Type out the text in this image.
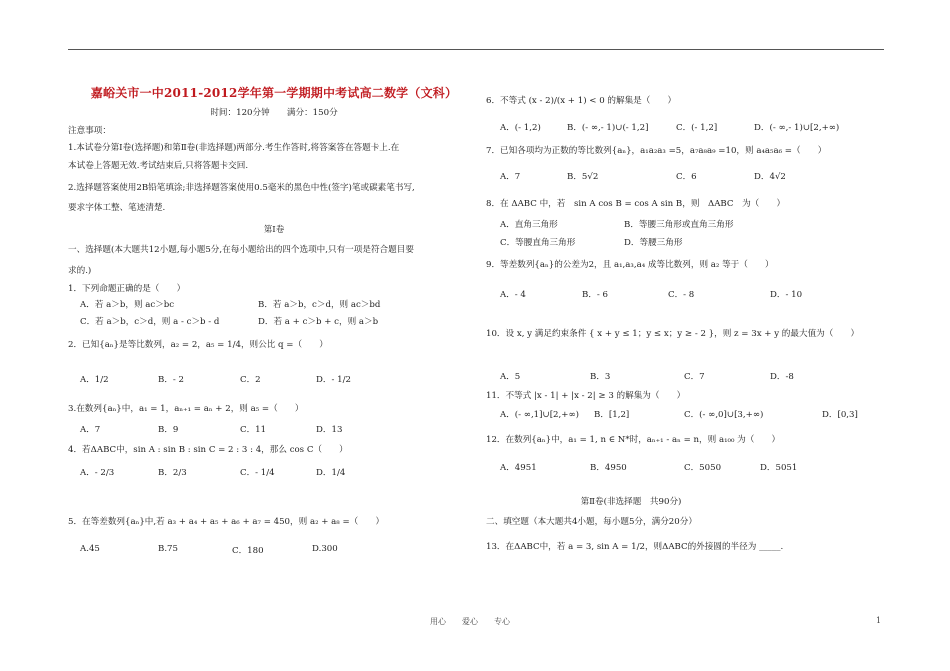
嘉峪关市一中2011-2012学年第一学期期中考试高二数学（文科）
时间：120分钟　　满分：150分
注意事项：
1.本试卷分第Ⅰ卷(选择题)和第Ⅱ卷(非选择题)两部分.考生作答时,将答案答在答题卡上.在
本试卷上答题无效.考试结束后,只将答题卡交回.
2.选择题答案使用2B铅笔填涂;非选择题答案使用0.5毫米的黑色中性(签字)笔或碳素笔书写,
要求字体工整、笔迹清楚.
第Ⅰ卷
一、选择题(本大题共12小题,每小题5分,在每小题给出的四个选项中,只有一项是符合题目要
求的.)
1．下列命题正确的是（　　）
A．若 a＞b，则 ac＞bc	B．若 a＞b，c＞d，则 ac＞bd
C．若 a＞b，c＞d，则 a - c＞b - d	D．若 a + c＞b + c，则 a＞b
2．已知{aₙ}是等比数列，a₂ = 2，a₅ = 1/4，则公比 q =（　　）
A．1/2	B．- 2	C．2	D．- 1/2
3.在数列{aₙ}中，a₁ = 1，aₙ₊₁ = aₙ + 2，则 a₅ =（　　）
A．7	B．9	C．11	D．13
4．若ΔABC中，sin A : sin B : sin C = 2 : 3 : 4，那么 cos C（　　）
A．- 2/3	B．2/3	C．- 1/4	D．1/4
5．在等差数列{aₙ}中,若 a₃ + a₄ + a₅ + a₆ + a₇ = 450，则 a₂ + a₈ =（　　）
A.45	B.75	C．180	D.300
6．不等式 (x - 2)/(x + 1) < 0 的解集是（　　）
A．(- 1,2)	B．(- ∞,- 1)∪(- 1,2]	C．(- 1,2]	D．(- ∞,- 1)∪[2,+∞)
7．已知各项均为正数的等比数列{aₙ}，a₁a₂a₃ =5，a₇a₈a₉ =10，则 a₄a₅a₆ =（　　）
A．7	B．5√2	C．6	D．4√2
8．在 ΔABC 中，若　sin A cos B = cos A sin B，则　ΔABC　为（　　）
A．直角三角形	B．等腰三角形或直角三角形
C．等腰直角三角形	D．等腰三角形
9．等差数列{aₙ}的公差为2，且 a₁,a₃,a₄ 成等比数列，则 a₂ 等于（　　）
A．- 4	B．- 6	C．- 8	D．- 10
10．设 x, y 满足约束条件 { x + y ≤ 1；y ≤ x；y ≥ - 2 }，则 z = 3x + y 的最大值为（　　）
A．5	B．3	C．7	D．-8
11．不等式 |x - 1| + |x - 2| ≥ 3 的解集为（　　）
A．(- ∞,1]∪[2,+∞) B．[1,2]	C．(- ∞,0]∪[3,+∞)	D．[0,3]
12．在数列{aₙ}中，a₁ = 1, n ∈ N*时，aₙ₊₁ - aₙ = n，则 a₁₀₀ 为（　　）
A．4951	B．4950	C．5050	D．5051
第Ⅱ卷(非选择题　共90分)
二、填空题（本大题共4小题，每小题5分，满分20分）
13．在ΔABC中，若 a = 3, sin A = 1/2，则ΔABC的外接圆的半径为 _____.
用心　　爱心　　专心	1
